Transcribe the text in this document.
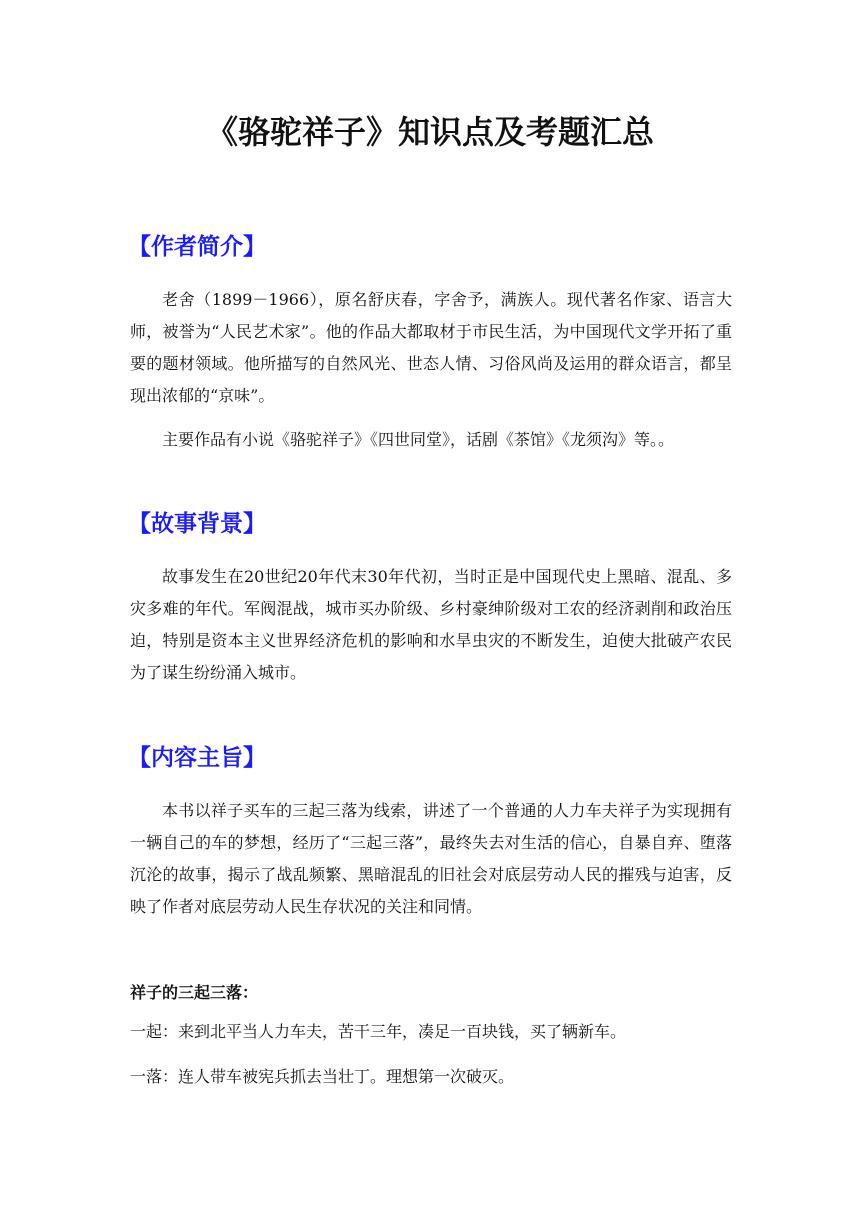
《骆驼祥子》知识点及考题汇总
【作者简介】

老舍（1899－1966），原名舒庆春，字舍予，满族人。现代著名作家、语言大师，被誉为“人民艺术家”。他的作品大都取材于市民生活，为中国现代文学开拓了重要的题材领域。他所描写的自然风光、世态人情、习俗风尚及运用的群众语言，都呈现出浓郁的“京味”。

主要作品有小说《骆驼祥子》《四世同堂》，话剧《茶馆》《龙须沟》等。。

【故事背景】

故事发生在20世纪20年代末30年代初，当时正是中国现代史上黑暗、混乱、多灾多难的年代。军阀混战，城市买办阶级、乡村豪绅阶级对工农的经济剥削和政治压迫，特别是资本主义世界经济危机的影响和水旱虫灾的不断发生，迫使大批破产农民为了谋生纷纷涌入城市。

【内容主旨】

本书以祥子买车的三起三落为线索，讲述了一个普通的人力车夫祥子为实现拥有一辆自己的车的梦想，经历了“三起三落”，最终失去对生活的信心，自暴自弃、堕落沉沦的故事，揭示了战乱频繁、黑暗混乱的旧社会对底层劳动人民的摧残与迫害，反映了作者对底层劳动人民生存状况的关注和同情。

祥子的三起三落：

一起：来到北平当人力车夫，苦干三年，凑足一百块钱，买了辆新车。

一落：连人带车被宪兵抓去当壮丁。理想第一次破灭。
